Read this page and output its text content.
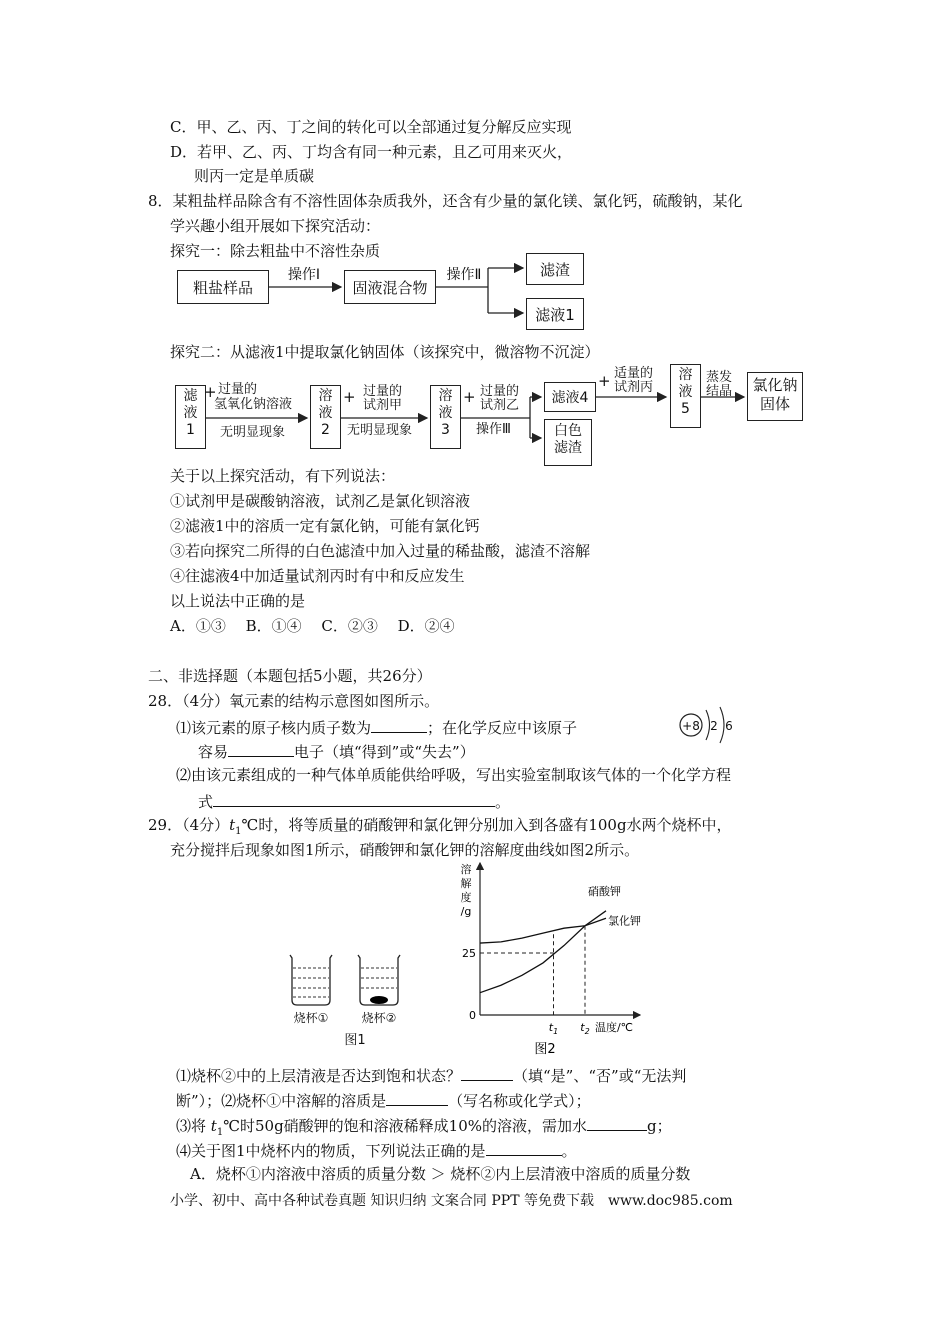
C．甲、乙、丙、丁之间的转化可以全部通过复分解反应实现
D．若甲、乙、丙、丁均含有同一种元素，且乙可用来灭火，
则丙一定是单质碳
8．某粗盐样品除含有不溶性固体杂质我外，还含有少量的氯化镁、氯化钙，硫酸钠，某化
学兴趣小组开展如下探究活动：
探究一：除去粗盐中不溶性杂质
粗盐样品
操作Ⅰ
固液混合物
操作Ⅱ	滤渣
滤液1
探究二：从滤液1中提取氯化钠固体（该探究中，微溶物不沉淀）
滤
液
1
+ 过量的
氢氧化钠溶液
无明显现象
溶
液
2
+ 过量的
试剂甲
无明显现象
溶
液
3
+ 过量的
试剂乙
操作Ⅲ
滤液4
白色
滤渣
+ 适量的
试剂丙
溶
液
5
蒸发
结晶 氯化钠
固体
关于以上探究活动，有下列说法：
①试剂甲是碳酸钠溶液，试剂乙是氯化钡溶液
②滤液1中的溶质一定有氯化钠，可能有氯化钙
③若向探究二所得的白色滤渣中加入过量的稀盐酸，滤渣不溶解
④往滤液4中加适量试剂丙时有中和反应发生
以上说法中正确的是
A．①③　 B．①④　 C．②③　 D．②④
二、非选择题（本题包括5小题，共26分）
28．（4分）氧元素的结构示意图如图所示。
⑴该元素的原子核内质子数为	；在化学反应中该原子
容易	电子（填“得到”或“失去”）
⑵由该元素组成的一种气体单质能供给呼吸，写出实验室制取该气体的一个化学方程
式	。
+8 2 6
29．（4分）$t_1℃$时，将等质量的硝酸钾和氯化钾分别加入到各盛有100g水两个烧杯中，
充分搅拌后现象如图1所示，硝酸钾和氯化钾的溶解度曲线如图2所示。
烧杯①	烧杯②
图1
溶
解
度
/g
0
25
$t_1$ $t_2$ 温度/℃
硝酸钾
氯化钾
图2
⑴烧杯②中的上层清液是否达到饱和状态？	（填“是”、“否”或“无法判
断”）；⑵烧杯①中溶解的溶质是	（写名称或化学式）；
⑶将 $t_1℃$时50g硝酸钾的饱和溶液稀释成10%的溶液，需加水	g；
⑷关于图1中烧杯内的物质，下列说法正确的是	。
A．烧杯①内溶液中溶质的质量分数 ＞ 烧杯②内上层清液中溶质的质量分数
小学、初中、高中各种试卷真题 知识归纳 文案合同 PPT 等免费下载　www.doc985.com
